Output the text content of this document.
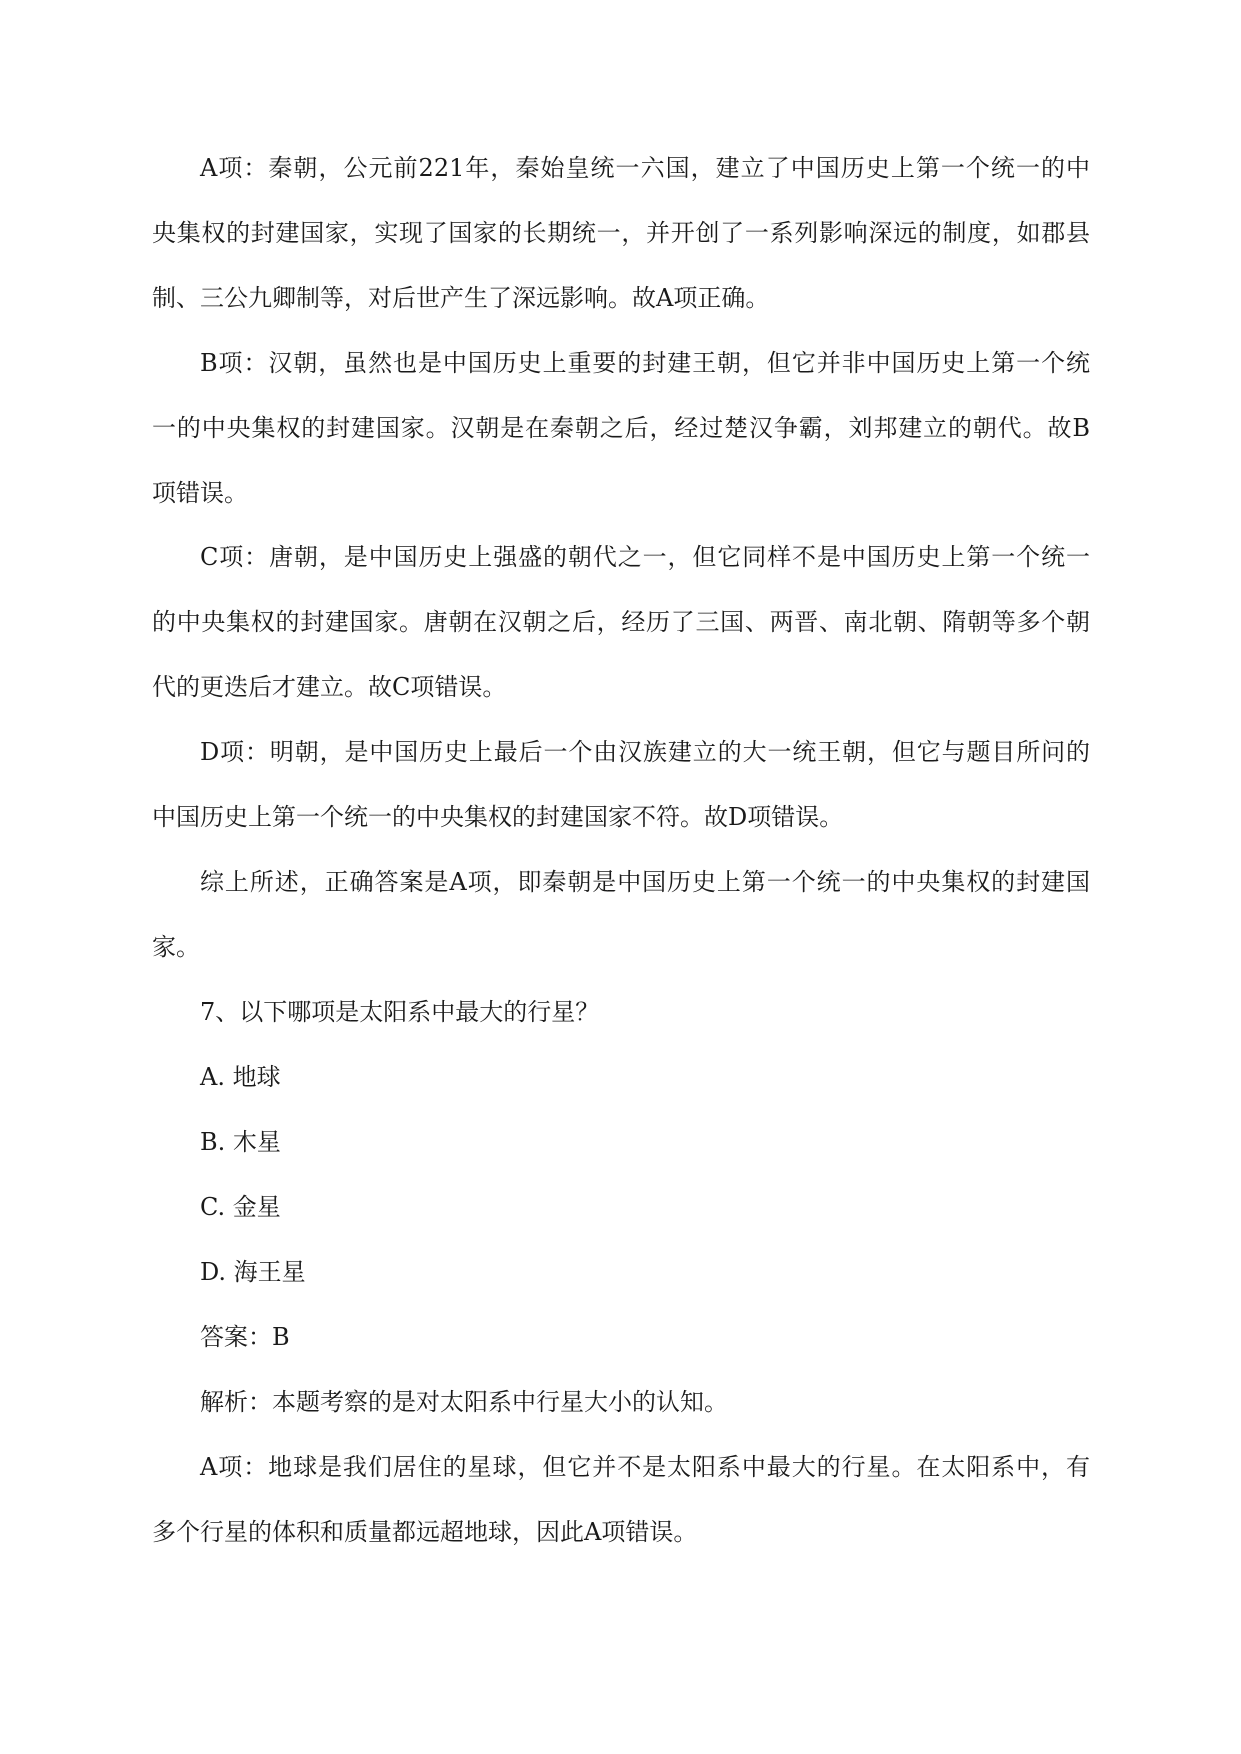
A项：秦朝，公元前221年，秦始皇统一六国，建立了中国历史上第一个统一的中
央集权的封建国家，实现了国家的长期统一，并开创了一系列影响深远的制度，如郡县
制、三公九卿制等，对后世产生了深远影响。故A项正确。
B项：汉朝，虽然也是中国历史上重要的封建王朝，但它并非中国历史上第一个统
一的中央集权的封建国家。汉朝是在秦朝之后，经过楚汉争霸，刘邦建立的朝代。故B
项错误。
C项：唐朝，是中国历史上强盛的朝代之一，但它同样不是中国历史上第一个统一
的中央集权的封建国家。唐朝在汉朝之后，经历了三国、两晋、南北朝、隋朝等多个朝
代的更迭后才建立。故C项错误。
D项：明朝，是中国历史上最后一个由汉族建立的大一统王朝，但它与题目所问的
中国历史上第一个统一的中央集权的封建国家不符。故D项错误。
综上所述，正确答案是A项，即秦朝是中国历史上第一个统一的中央集权的封建国
家。
7、以下哪项是太阳系中最大的行星？
A. 地球
B. 木星
C. 金星
D. 海王星
答案：B
解析：本题考察的是对太阳系中行星大小的认知。
A项：地球是我们居住的星球，但它并不是太阳系中最大的行星。在太阳系中，有
多个行星的体积和质量都远超地球，因此A项错误。
